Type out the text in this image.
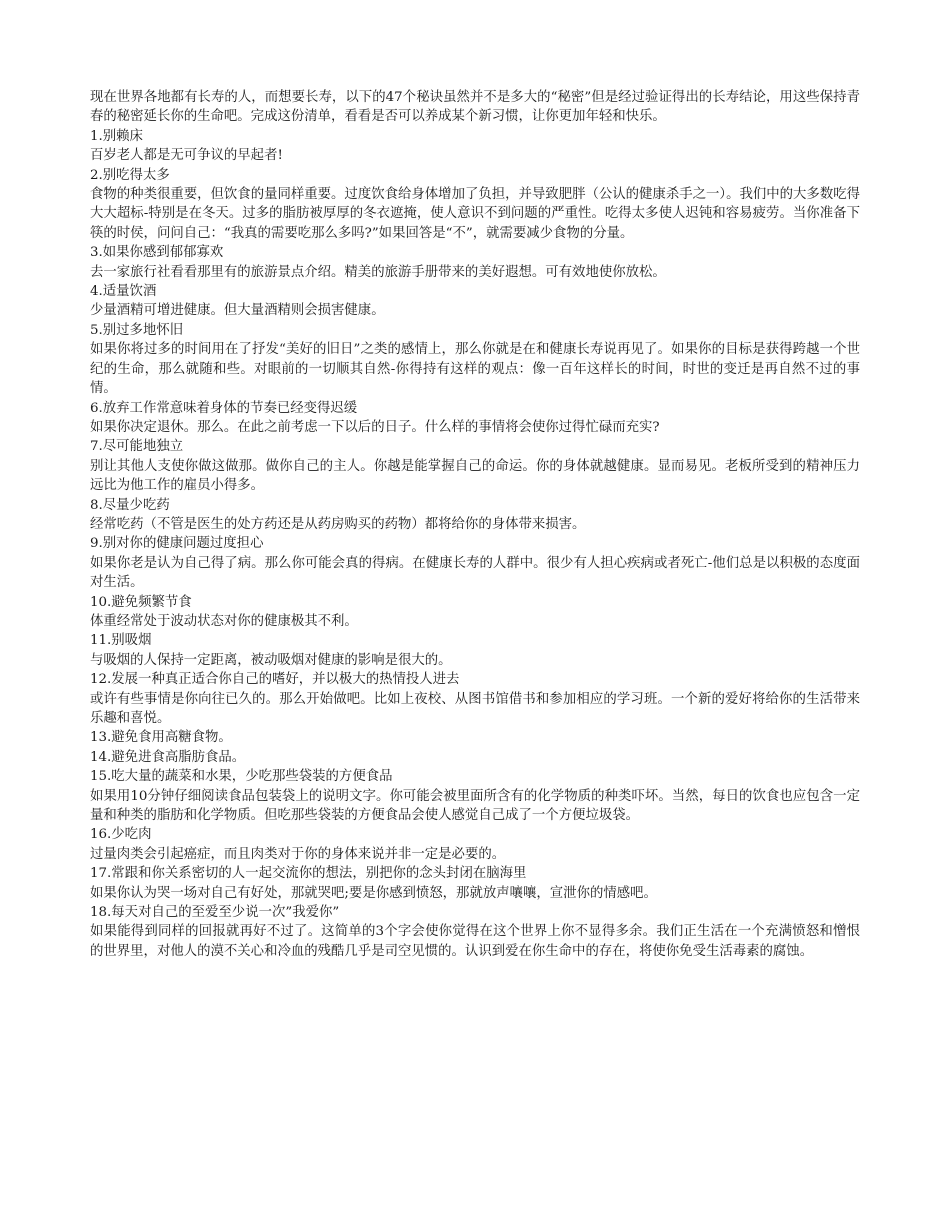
现在世界各地都有长寿的人，而想要长寿，以下的47个秘诀虽然并不是多大的“秘密”但是经过验证得出的长寿结论，用这些保持青春的秘密延长你的生命吧。完成这份清单，看看是否可以养成某个新习惯，让你更加年轻和快乐。

1.别赖床

百岁老人都是无可争议的早起者!

2.别吃得太多

食物的种类很重要，但饮食的量同样重要。过度饮食给身体增加了负担，并导致肥胖（公认的健康杀手之一）。我们中的大多数吃得大大超标-特别是在冬天。过多的脂肪被厚厚的冬衣遮掩，使人意识不到问题的严重性。吃得太多使人迟钝和容易疲劳。当你准备下筷的时侯，问问自己：“我真的需要吃那么多吗?”如果回答是“不”，就需要减少食物的分量。

3.如果你感到郁郁寡欢

去一家旅行社看看那里有的旅游景点介绍。精美的旅游手册带来的美好遐想。可有效地使你放松。

4.适量饮酒

少量酒精可增进健康。但大量酒精则会损害健康。

5.别过多地怀旧

如果你将过多的时间用在了抒发“美好的旧日”之类的感情上，那么你就是在和健康长寿说再见了。如果你的目标是获得跨越一个世纪的生命，那么就随和些。对眼前的一切顺其自然-你得持有这样的观点：像一百年这样长的时间，时世的变迁是再自然不过的事情。

6.放弃工作常意味着身体的节奏已经变得迟缓

如果你决定退休。那么。在此之前考虑一下以后的日子。什么样的事情将会使你过得忙碌而充实?

7.尽可能地独立

别让其他人支使你做这做那。做你自己的主人。你越是能掌握自己的命运。你的身体就越健康。显而易见。老板所受到的精神压力远比为他工作的雇员小得多。

8.尽量少吃药

经常吃药（不管是医生的处方药还是从药房购买的药物）都将给你的身体带来损害。

9.别对你的健康问题过度担心

如果你老是认为自己得了病。那么你可能会真的得病。在健康长寿的人群中。很少有人担心疾病或者死亡-他们总是以积极的态度面对生活。

10.避免频繁节食

体重经常处于波动状态对你的健康极其不利。

11.别吸烟

与吸烟的人保持一定距离，被动吸烟对健康的影响是很大的。

12.发展一种真正适合你自己的嗜好，并以极大的热情投人进去

或许有些事情是你向往已久的。那么开始做吧。比如上夜校、从图书馆借书和参加相应的学习班。一个新的爱好将给你的生活带来乐趣和喜悦。

13.避免食用高糖食物。

14.避免进食高脂肪食品。

15.吃大量的蔬菜和水果，少吃那些袋装的方便食品

如果用10分钟仔细阅读食品包装袋上的说明文字。你可能会被里面所含有的化学物质的种类吓坏。当然，每日的饮食也应包含一定量和种类的脂肪和化学物质。但吃那些袋装的方便食品会使人感觉自己成了一个方便垃圾袋。

16.少吃肉

过量肉类会引起癌症，而且肉类对于你的身体来说并非一定是必要的。

17.常跟和你关系密切的人一起交流你的想法，别把你的念头封闭在脑海里

如果你认为哭一场对自己有好处，那就哭吧;要是你感到愤怒，那就放声嚷嚷，宣泄你的情感吧。

18.每天对自己的至爱至少说一次”我爱你”

如果能得到同样的回报就再好不过了。这简单的3个字会使你觉得在这个世界上你不显得多余。我们正生活在一个充满愤怒和憎恨的世界里，对他人的漠不关心和冷血的残酷几乎是司空见惯的。认识到爱在你生命中的存在，将使你免受生活毒素的腐蚀。
